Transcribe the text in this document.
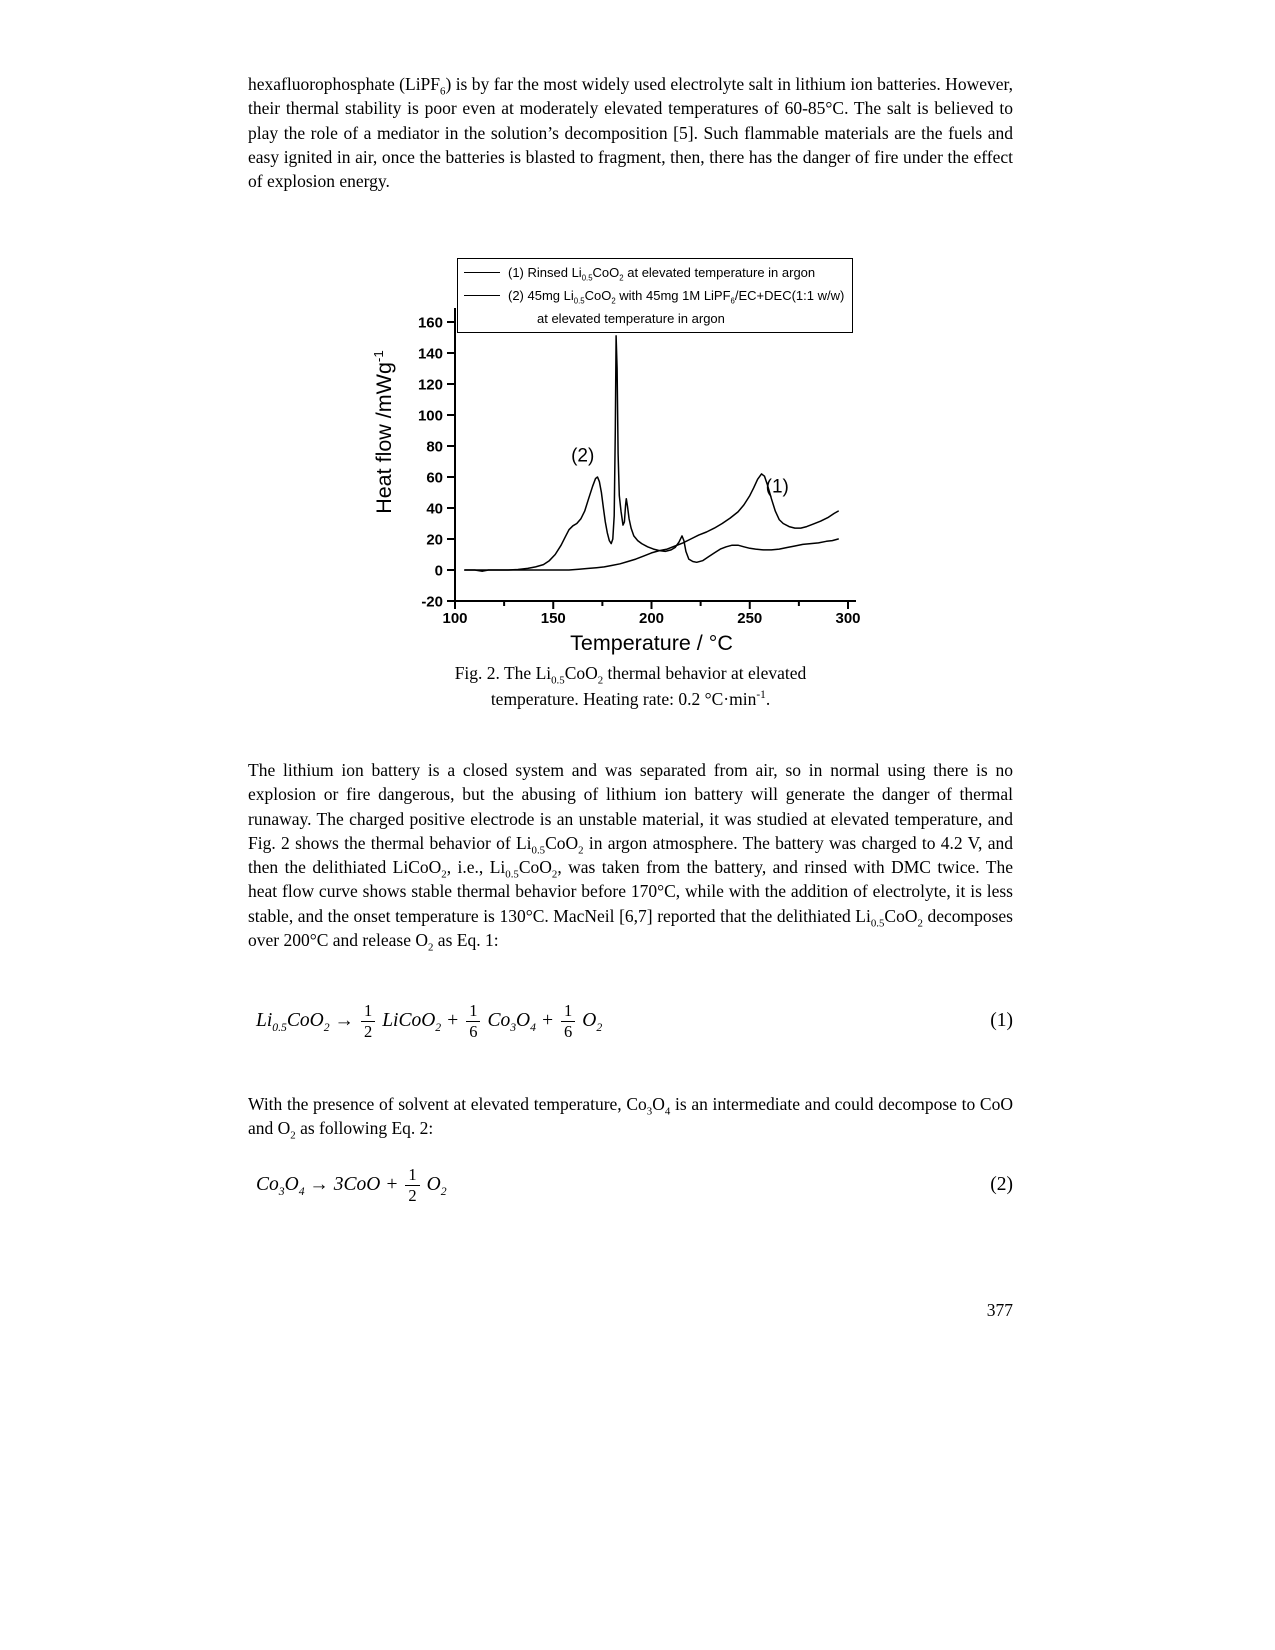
hexafluorophosphate (LiPF$_6$) is by far the most widely used electrolyte salt in lithium ion batteries. However, their thermal stability is poor even at moderately elevated temperatures of 60-85°C. The salt is believed to play the role of a mediator in the solution’s decomposition [5]. Such flammable materials are the fuels and easy ignited in air, once the batteries is blasted to fragment, then, there has the danger of fire under the effect of explosion energy.

100	150	200	250	300
-20
0
20
40
60
80
100
120
140
160
(2)
(1)
Heat flow /mWg$^{-1}$
Temperature / °C
(1) Rinsed $Li_{0.5}CoO_2$ at elevated temperature in argon
(2) 45mg $Li_{0.5}CoO_2$ with 45mg 1M LiPF$_6$/EC+DEC(1:1 w/w)
at elevated temperature in argon
Fig. 2. The $Li_{0.5}CoO_2$ thermal behavior at elevated
temperature. Heating rate: 0.2 $^\circ C\cdot\min^{-1}$.

The lithium ion battery is a closed system and was separated from air, so in normal using there is no explosion or fire dangerous, but the abusing of lithium ion battery will generate the danger of thermal runaway. The charged positive electrode is an unstable material, it was studied at elevated temperature, and Fig. 2 shows the thermal behavior of $Li_{0.5}CoO_2$ in argon atmosphere. The battery was charged to 4.2 V, and then the delithiated LiCoO$_2$, i.e., $Li_{0.5}CoO_2$, was taken from the battery, and rinsed with DMC twice. The heat flow curve shows stable thermal behavior before 170°C, while with the addition of electrolyte, it is less stable, and the onset temperature is 130°C. MacNeil [6,7] reported that the delithiated $Li_{0.5}CoO_2$ decomposes over 200°C and release $O_2$ as Eq. 1:

$Li_{0.5}CoO_2 \to \frac{1}{2}$ LiCoO$_2$ + $\frac{1}{6} Co_3O_4 + \frac{1}{6} O_2$	(1)

With the presence of solvent at elevated temperature, $Co_3O_4$ is an intermediate and could decompose to CoO and $O_2$ as following Eq. 2:

$Co_3O_4 \to 3CoO + \frac{1}{2} O_2$	(2)
377
